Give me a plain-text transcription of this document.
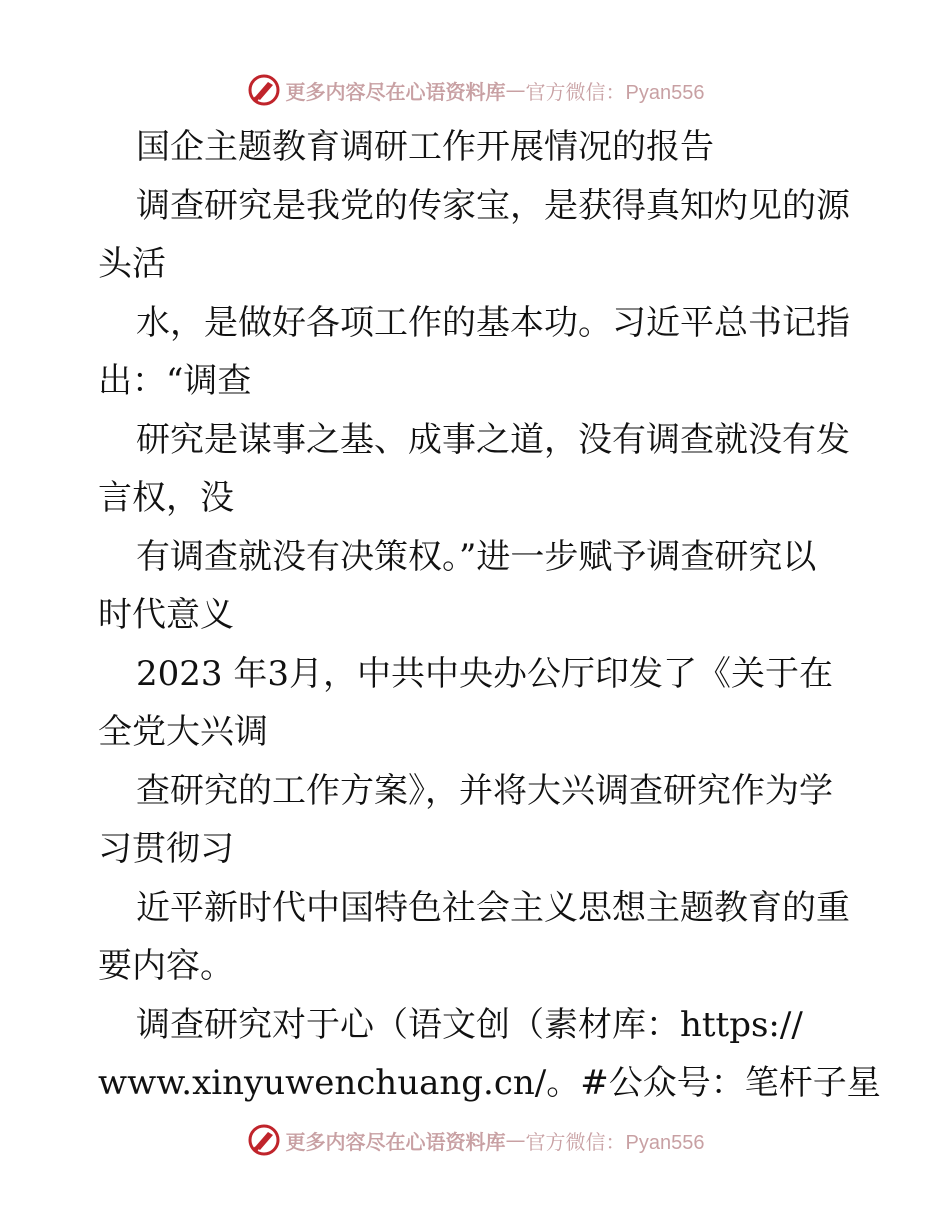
更多内容尽在心语资料库 — 官方微信：Pyan556
国企主题教育调研工作开展情况的报告
调查研究是我党的传家宝，是获得真知灼见的源
头活
水，是做好各项工作的基本功。习近平总书记指
出：“调查
研究是谋事之基、成事之道，没有调查就没有发
言权，没
有调查就没有决策权。”进一步赋予调查研究以
时代意义
2023 年3月，中共中央办公厅印发了《关于在
全党大兴调
查研究的工作方案》，并将大兴调查研究作为学
习贯彻习
近平新时代中国特色社会主义思想主题教育的重
要内容。
调查研究对于心（语文创（素材库：https://
www.xinyuwenchuang.cn/。#公众号：笔杆子星
更多内容尽在心语资料库 — 官方微信：Pyan556
